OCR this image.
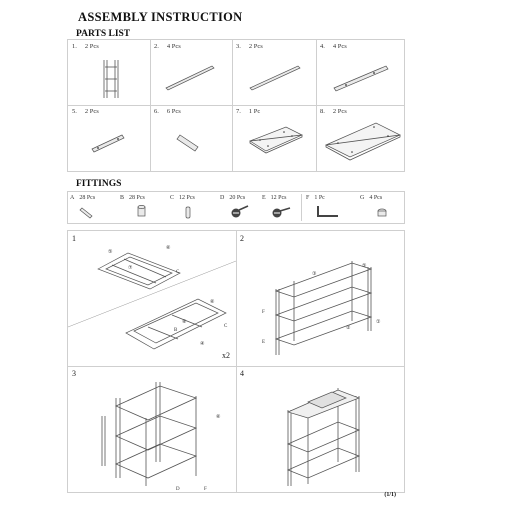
ASSEMBLY INSTRUCTION
PARTS LIST
1. 2 Pcs	2. 4 Pcs	3. 2 Pcs	4. 4 Pcs
5. 2 Pcs	6. 6 Pcs	7. 1 Pc	8. 2 Pcs
FITTINGS
A 28 Pcs	B 28 Pcs	C 12 Pcs	D 20 Pcs	E 12 Pcs	F 1 Pc	G 4 Pcs
1
⑤
⑥
⑦
C
⑥
⑧
C
④
B
x2
2
⑤
③
①
②
F
E
3
⑥
D	F
4
(1/1)
